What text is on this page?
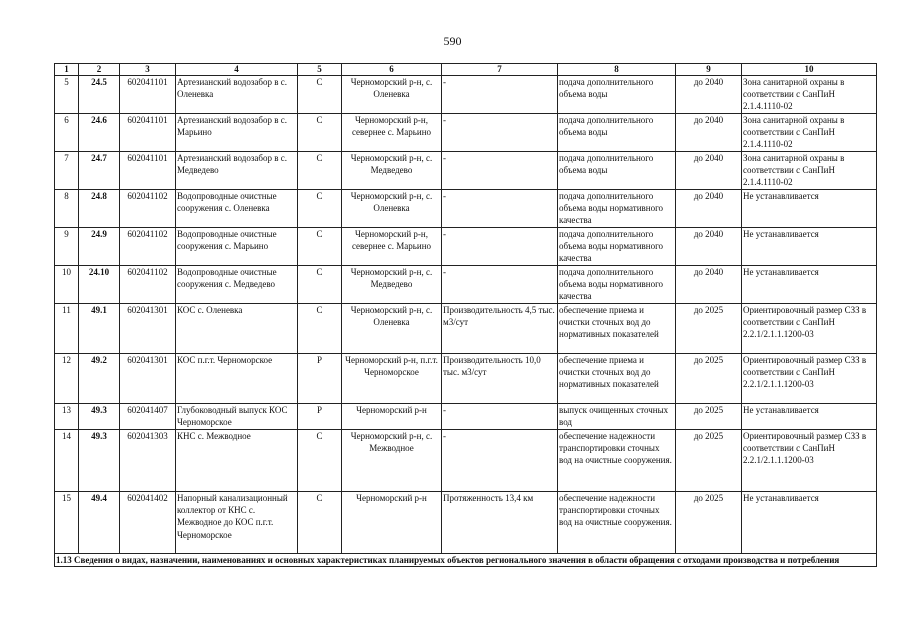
590
1	2	3	4	5	6	7	8	9	10
5	24.5	602041101	Артезианский водозабор в с. Оленевка	С	Черноморский р-н, с. Оленевка	-	подача дополнительного объема воды	до 2040	Зона санитарной охраны в соответствии с СанПиН 2.1.4.1110-02
6	24.6	602041101	Артезианский водозабор в с. Марьино	С	Черноморский р-н, севернее с. Марьино	-	подача дополнительного объема воды	до 2040	Зона санитарной охраны в соответствии с СанПиН 2.1.4.1110-02
7	24.7	602041101	Артезианский водозабор в с. Медведево	С	Черноморский р-н, с. Медведево	-	подача дополнительного объема воды	до 2040	Зона санитарной охраны в соответствии с СанПиН 2.1.4.1110-02
8	24.8	602041102	Водопроводные очистные сооружения с. Оленевка	С	Черноморский р-н, с. Оленевка	-	подача дополнительного объема воды нормативного качества	до 2040	Не устанавливается
9	24.9	602041102	Водопроводные очистные сооружения с. Марьино	С	Черноморский р-н, севернее с. Марьино	-	подача дополнительного объема воды нормативного качества	до 2040	Не устанавливается
10	24.10	602041102	Водопроводные очистные сооружения с. Медведево	С	Черноморский р-н, с. Медведево	-	подача дополнительного объема воды нормативного качества	до 2040	Не устанавливается
11	49.1	602041301	КОС с. Оленевка	С	Черноморский р-н, с. Оленевка	Производительность 4,5 тыс. м3/сут	обеспечение приема и очистки сточных вод до нормативных показателей	до 2025	Ориентировочный размер СЗЗ в соответствии с СанПиН 2.2.1/2.1.1.1200-03
12	49.2	602041301	КОС п.г.т. Черноморское	Р	Черноморский р-н, п.г.т. Черноморское	Производительность 10,0 тыс. м3/сут	обеспечение приема и очистки сточных вод до нормативных показателей	до 2025	Ориентировочный размер СЗЗ в соответствии с СанПиН 2.2.1/2.1.1.1200-03
13	49.3	602041407	Глубоководный выпуск КОС Черноморское	Р	Черноморский р-н	-	выпуск очищенных сточных вод	до 2025	Не устанавливается
14	49.3	602041303	КНС с. Межводное	С	Черноморский р-н, с. Межводное	-	обеспечение надежности транспортировки сточных вод на очистные сооружения.	до 2025	Ориентировочный размер СЗЗ в соответствии с СанПиН 2.2.1/2.1.1.1200-03
15	49.4	602041402	Напорный канализационный коллектор от КНС с. Межводное до КОС п.г.т. Черноморское	С	Черноморский р-н	Протяженность 13,4 км	обеспечение надежности транспортировки сточных вод на очистные сооружения.	до 2025	Не устанавливается
1.13 Сведения о видах, назначении, наименованиях и основных характеристиках планируемых объектов регионального значения в области обращения с отходами производства и потребления									
